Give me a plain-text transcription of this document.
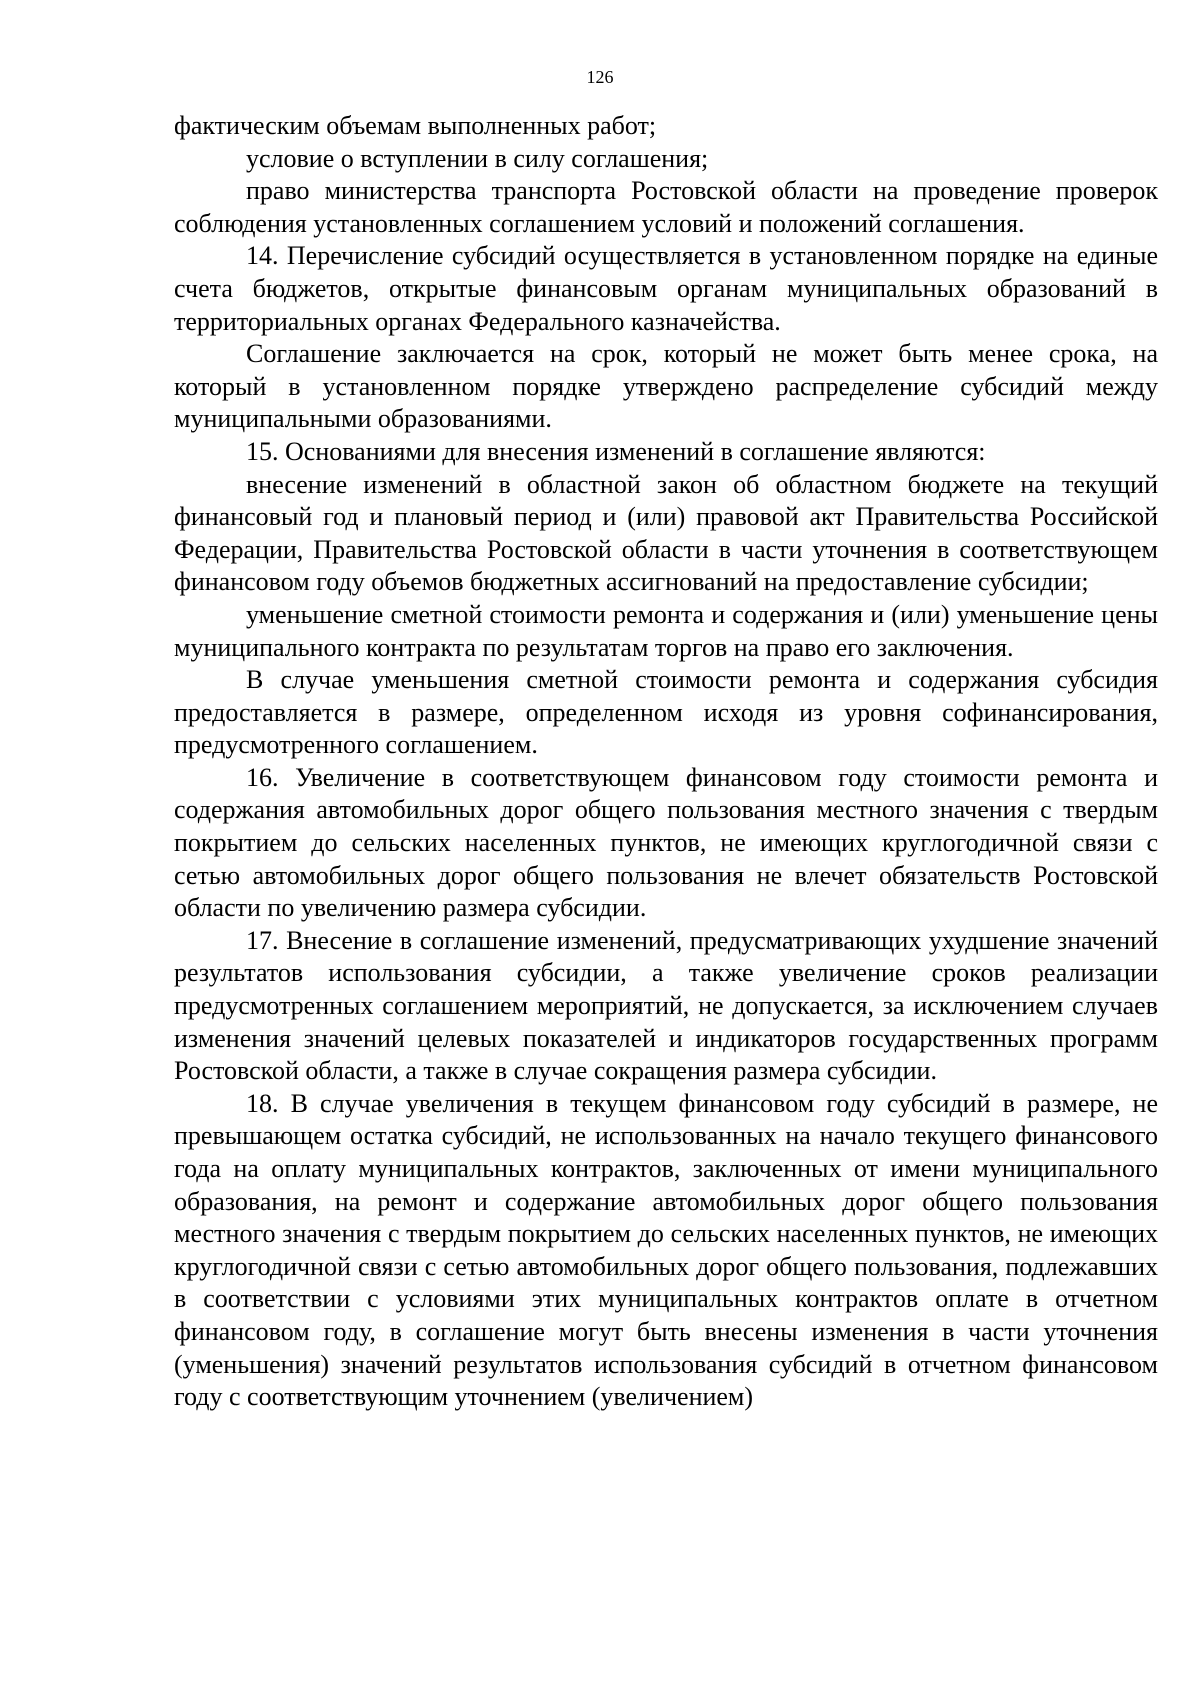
126

фактическим объемам выполненных работ;

условие о вступлении в силу соглашения;

право министерства транспорта Ростовской области на проведение проверок соблюдения установленных соглашением условий и положений соглашения.

14. Перечисление субсидий осуществляется в установленном порядке на единые счета бюджетов, открытые финансовым органам муниципальных образований в территориальных органах Федерального казначейства.

Соглашение заключается на срок, который не может быть менее срока, на который в установленном порядке утверждено распределение субсидий между муниципальными образованиями.

15. Основаниями для внесения изменений в соглашение являются:

внесение изменений в областной закон об областном бюджете на текущий финансовый год и плановый период и (или) правовой акт Правительства Российской Федерации, Правительства Ростовской области в части уточнения в соответствующем финансовом году объемов бюджетных ассигнований на предоставление субсидии;

уменьшение сметной стоимости ремонта и содержания и (или) уменьшение цены муниципального контракта по результатам торгов на право его заключения.

В случае уменьшения сметной стоимости ремонта и содержания субсидия предоставляется в размере, определенном исходя из уровня софинансирования, предусмотренного соглашением.

16. Увеличение в соответствующем финансовом году стоимости ремонта и содержания автомобильных дорог общего пользования местного значения с твердым покрытием до сельских населенных пунктов, не имеющих круглогодичной связи с сетью автомобильных дорог общего пользования не влечет обязательств Ростовской области по увеличению размера субсидии.

17. Внесение в соглашение изменений, предусматривающих ухудшение значений результатов использования субсидии, а также увеличение сроков реализации предусмотренных соглашением мероприятий, не допускается, за исключением случаев изменения значений целевых показателей и индикаторов государственных программ Ростовской области, а также в случае сокращения размера субсидии.

18. В случае увеличения в текущем финансовом году субсидий в размере, не превышающем остатка субсидий, не использованных на начало текущего финансового года на оплату муниципальных контрактов, заключенных от имени муниципального образования, на ремонт и содержание автомобильных дорог общего пользования местного значения с твердым покрытием до сельских населенных пунктов, не имеющих круглогодичной связи с сетью автомобильных дорог общего пользования, подлежавших в соответствии с условиями этих муниципальных контрактов оплате в отчетном финансовом году, в соглашение могут быть внесены изменения в части уточнения (уменьшения) значений результатов использования субсидий в отчетном финансовом году с соответствующим уточнением (увеличением)
